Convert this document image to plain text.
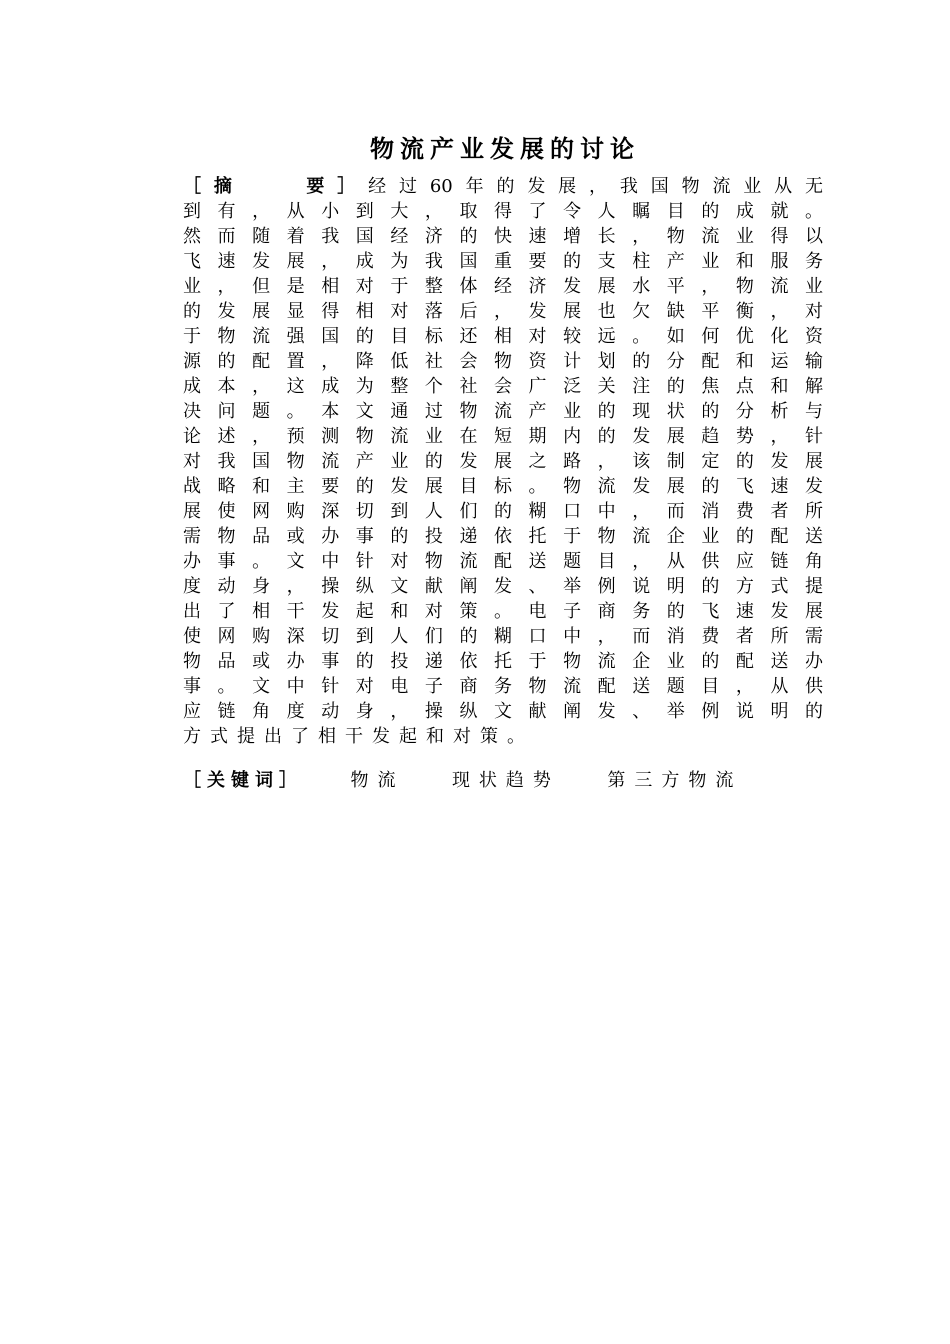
物流产业发展的讨论
［摘　　要］经过60年的发展，我国物流业从无
到有，从小到大，取得了令人瞩目的成就。
然而随着我国经济的快速增长，物流业得以
飞速发展，成为我国重要的支柱产业和服务
业，但是相对于整体经济发展水平，物流业
的发展显得相对落后，发展也欠缺平衡，对
于物流强国的目标还相对较远。如何优化资
源的配置，降低社会物资计划的分配和运输
成本，这成为整个社会广泛关注的焦点和解
决问题。本文通过物流产业的现状的分析与
论述，预测物流业在短期内的发展趋势，针
对我国物流产业的发展之路，该制定的发展
战略和主要的发展目标。物流发展的飞速发
展使网购深切到人们的糊口中，而消费者所
需物品或办事的投递依托于物流企业的配送
办事。文中针对物流配送题目，从供应链角
度动身，操纵文献阐发、举例说明的方式提
出了相干发起和对策。电子商务的飞速发展
使网购深切到人们的糊口中，而消费者所需
物品或办事的投递依托于物流企业的配送办
事。文中针对电子商务物流配送题目，从供
应链角度动身，操纵文献阐发、举例说明的
方式提出了相干发起和对策。
［关键词］	物流	现状趋势	第三方物流
